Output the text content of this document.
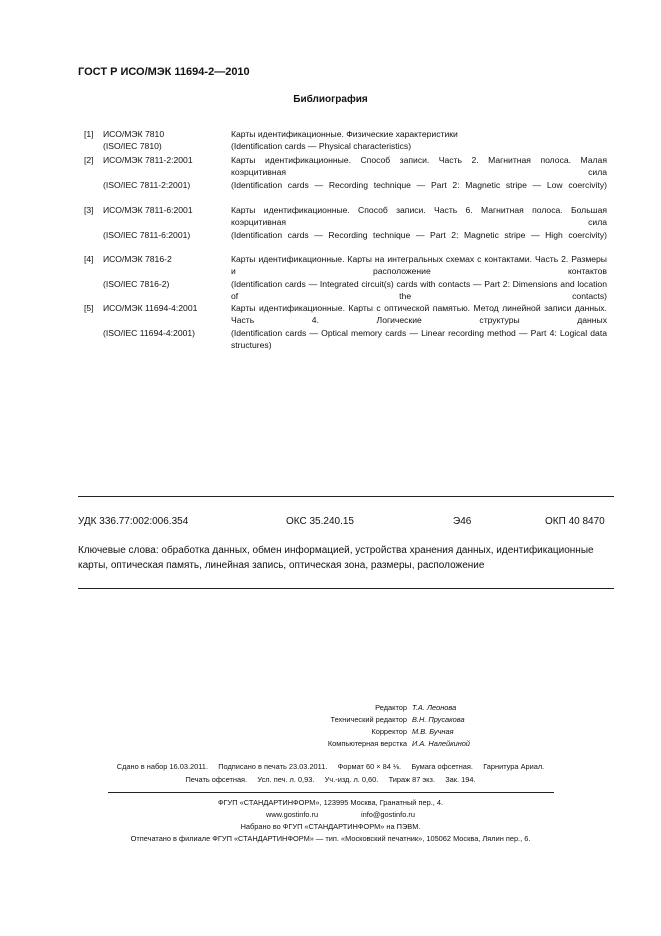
ГОСТ Р ИСО/МЭК 11694-2—2010
Библиография
[1] ИСО/МЭК 7810	Карты идентификационные. Физические характеристики
(ISO/IEC 7810)	(Identification cards — Physical characteristics)
[2] ИСО/МЭК 7811-2:2001	Карты идентификационные. Способ записи. Часть 2. Магнитная полоса. Малая коэрцитивная сила
(ISO/IEC 7811-2:2001)	(Identification cards — Recording technique — Part 2: Magnetic stripe — Low coercivity)
[3] ИСО/МЭК 7811-6:2001	Карты идентификационные. Способ записи. Часть 6. Магнитная полоса. Большая коэрцитивная сила
(ISO/IEC 7811-6:2001)	(Identification cards — Recording technique — Part 2: Magnetic stripe — High coercivity)
[4] ИСО/МЭК 7816-2	Карты идентификационные. Карты на интегральных схемах с контактами. Часть 2. Размеры и расположение контактов
(ISO/IEC 7816-2)	(Identification cards — Integrated circuit(s) cards with contacts — Part 2: Dimensions and location of the contacts)
[5] ИСО/МЭК 11694-4:2001	Карты идентификационные. Карты с оптической памятью. Метод линейной записи данных. Часть 4. Логические структуры данных
(ISO/IEC 11694-4:2001)	(Identification cards — Optical memory cards — Linear recording method — Part 4: Logical data structures)
УДК 336.77:002:006.354	ОКС 35.240.15	Э46	ОКП 40 8470
Ключевые слова: обработка данных, обмен информацией, устройства хранения данных, идентификационные карты, оптическая память, линейная запись, оптическая зона, размеры, расположение
Редактор Т.А. Леонова
Технический редактор В.Н. Прусакова
Корректор М.В. Бучная
Компьютерная верстка И.А. Налейкиной
Сдано в набор 16.03.2011.     Подписано в печать 23.03.2011.     Формат 60 × 84 ⅛.     Бумага офсетная.     Гарнитура Ариал.
Печать офсетная.     Усл. печ. л. 0,93.     Уч.-изд. л. 0,60.     Тираж 87 экз.     Зак. 194.
ФГУП «СТАНДАРТИНФОРМ», 123995 Москва, Гранатный пер., 4.
www.gostinfo.ru	info@gostinfo.ru
Набрано во ФГУП «СТАНДАРТИНФОРМ» на ПЭВМ.
Отпечатано в филиале ФГУП «СТАНДАРТИНФОРМ» — тип. «Московский печатник», 105062 Москва, Лялин пер., 6.
